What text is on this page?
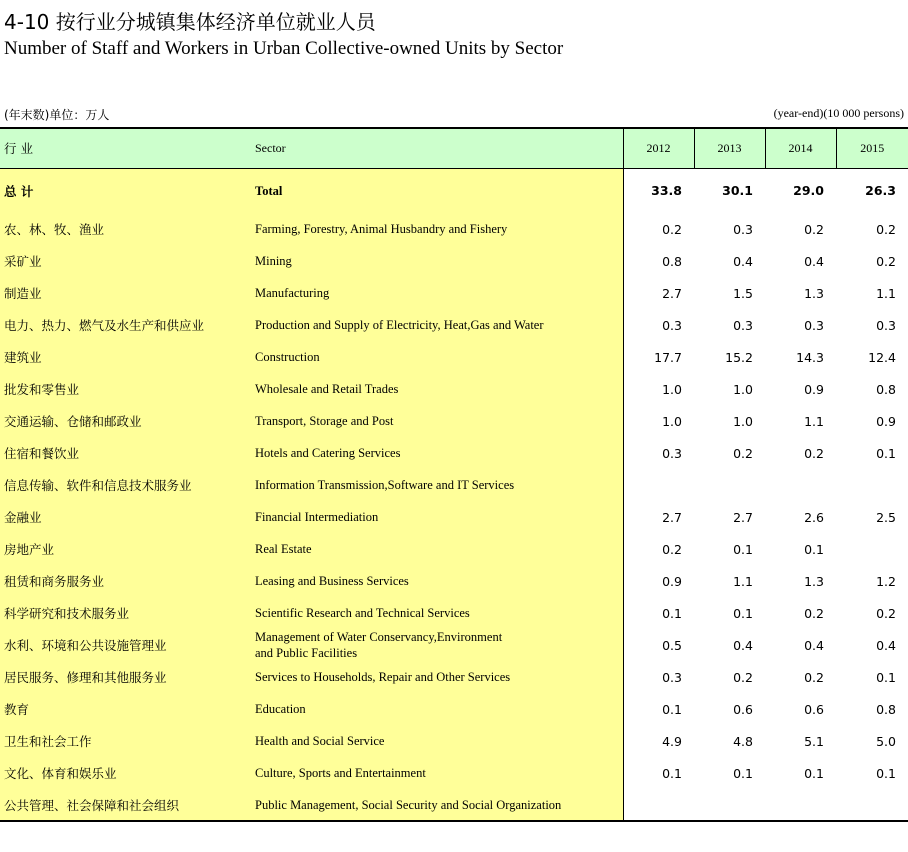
4-10 按行业分城镇集体经济单位就业人员
Number of Staff and Workers in Urban Collective-owned Units by Sector
(年末数)单位：万人	(year-end)(10 000 persons)
行 业	Sector	2012	2013	2014	2015
总 计	Total	33.8	30.1	29.0	26.3
农、林、牧、渔业	Farming, Forestry, Animal Husbandry and Fishery	0.2	0.3	0.2	0.2
采矿业	Mining	0.8	0.4	0.4	0.2
制造业	Manufacturing	2.7	1.5	1.3	1.1
电力、热力、燃气及水生产和供应业	Production and Supply of Electricity, Heat,Gas and Water	0.3	0.3	0.3	0.3
建筑业	Construction	17.7	15.2	14.3	12.4
批发和零售业	Wholesale and Retail Trades	1.0	1.0	0.9	0.8
交通运输、仓储和邮政业	Transport, Storage and Post	1.0	1.0	1.1	0.9
住宿和餐饮业	Hotels and Catering Services	0.3	0.2	0.2	0.1
信息传输、软件和信息技术服务业	Information Transmission,Software and IT Services				

金融业	Financial Intermediation	2.7	2.7	2.6	2.5
房地产业	Real Estate	0.2	0.1	0.1	
租赁和商务服务业	Leasing and Business Services	0.9	1.1	1.3	1.2
科学研究和技术服务业	Scientific Research and Technical Services	0.1	0.1	0.2	0.2
水利、环境和公共设施管理业	Management of Water Conservancy,Environment
and Public Facilities	0.5	0.4	0.4	0.4
居民服务、修理和其他服务业	Services to Households, Repair and Other Services	0.3	0.2	0.2	0.1
教育	Education	0.1	0.6	0.6	0.8
卫生和社会工作	Health and Social Service	4.9	4.8	5.1	5.0
文化、体育和娱乐业	Culture, Sports and Entertainment	0.1	0.1	0.1	0.1
公共管理、社会保障和社会组织	Public Management, Social Security and Social Organization				
